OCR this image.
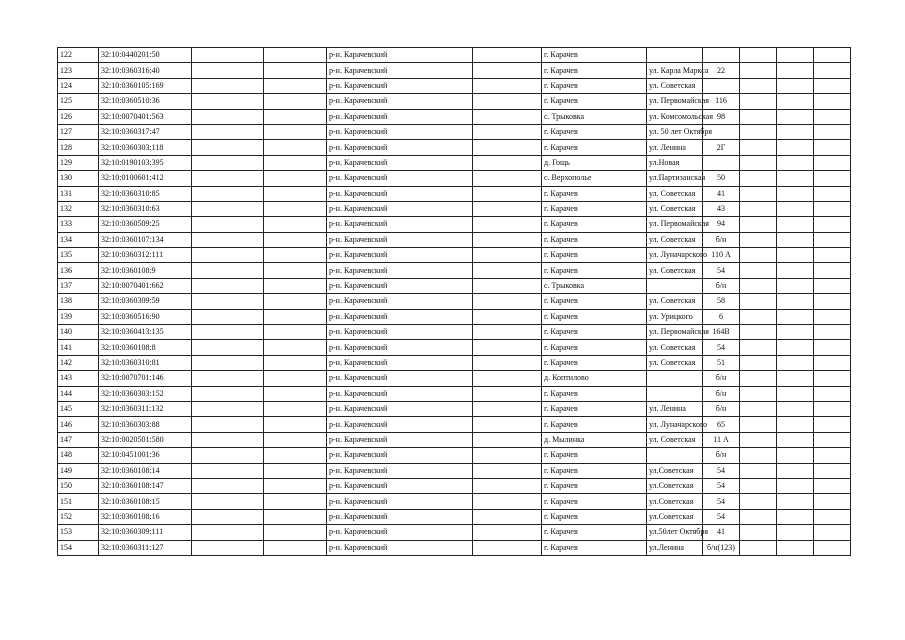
122	32:10:0440201:50			р-н. Карачевский		г. Карачев					
123	32:10:0360316:40			р-н. Карачевский		г. Карачев	ул. Карла Маркса	22			
124	32:10:0360105:169			р-н. Карачевский		г. Карачев	ул. Советская				
125	32:10:0360510:36			р-н. Карачевский		г. Карачев	ул. Первомайская	116			
126	32:10:0070401:563			р-н. Карачевский		с. Трыковка	ул. Комсомольская	98			
127	32:10:0360317:47			р-н. Карачевский		г. Карачев	ул. 50 лет Октября				
128	32:10:0360303:118			р-н. Карачевский		г. Карачев	ул. Ленина	2Г			
129	32:10:0190103:395			р-н. Карачевский		д. Гощь	ул.Новая				
130	32:10:0100601:412			р-н. Карачевский		с. Верхополье	ул.Партизанская	50			
131	32:10:0360310:85			р-н. Карачевский		г. Карачев	ул. Советская	41			
132	32:10:0360310:63			р-н. Карачевский		г. Карачев	ул. Советская	43			
133	32:10:0360509:25			р-н. Карачевский		г. Карачев	ул. Первомайская	94			
134	32:10:0360107:134			р-н. Карачевский		г. Карачев	ул. Советская	б/н			
135	32:10:0360312:111			р-н. Карачевский		г. Карачев	ул. Луначарского	110 А			
136	32:10:0360108:9			р-н. Карачевский		г. Карачев	ул. Советская	54			
137	32:10:0070401:662			р-н. Карачевский		с. Трыковка		б/н			
138	32:10:0360309:59			р-н. Карачевский		г. Карачев	ул. Советская	58			
139	32:10:0360516:90			р-н. Карачевский		г. Карачев	ул. Урицкого	6			
140	32:10:0360413:135			р-н. Карачевский		г. Карачев	ул. Первомайская	164В			
141	32:10:0360108:8			р-н. Карачевский		г. Карачев	ул. Советская	54			
142	32:10:0360310:81			р-н. Карачевский		г. Карачев	ул. Советская	51			
143	32:10:0070701:146			р-н. Карачевский		д. Коптилово		б/н			
144	32:10:0360303:152			р-н. Карачевский		г. Карачев		б/н			
145	32:10:0360311:132			р-н. Карачевский		г. Карачев	ул. Ленина	б/н			
146	32:10:0360303:88			р-н. Карачевский		г. Карачев	ул. Луначарского	65			
147	32:10:0020501:580			р-н. Карачевский		д. Мылинка	ул. Советская	11 А			
148	32:10:0451001:36			р-н. Карачевский		г. Карачев		б/н			
149	32:10:0360108:14			р-н. Карачевский		г. Карачев	ул.Советская	54			
150	32:10:0360108:147			р-н. Карачевский		г. Карачев	ул.Советская	54			
151	32:10:0360108:15			р-н. Карачевский		г. Карачев	ул.Советская	54			
152	32:10:0360108:16			р-н. Карачевский		г. Карачев	ул.Советская	54			
153	32:10:0360309:111			р-н. Карачевский		г. Карачев	ул.50лет Октября	41			
154	32:10:0360311:127			р-н. Карачевский		г. Карачев	ул.Ленина	б/н(123)			
